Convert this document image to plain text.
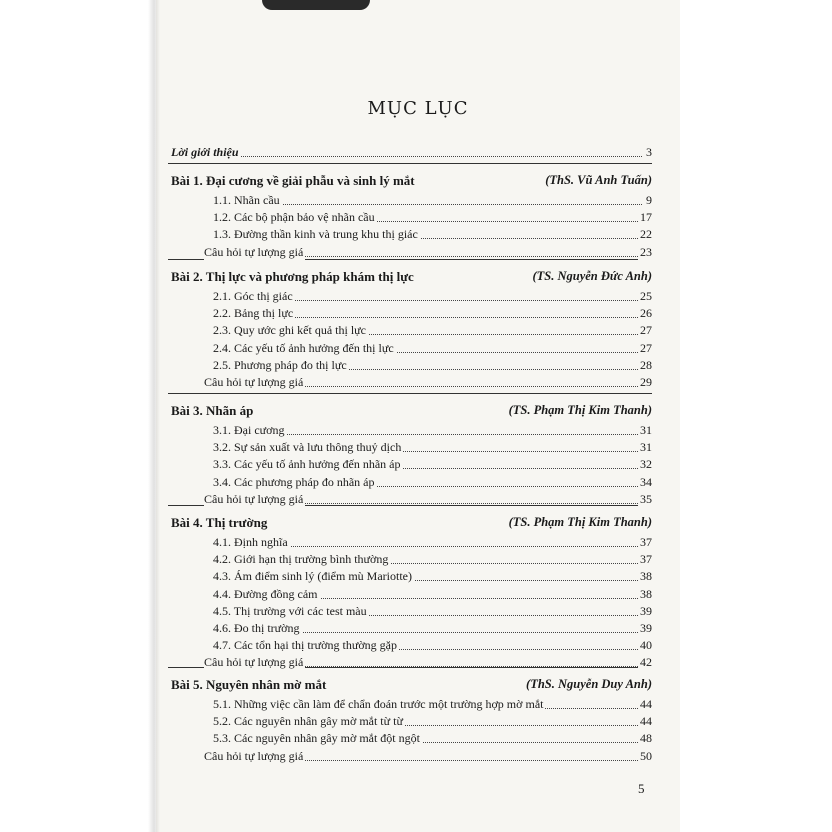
MỤC LỤC
Lời giới thiệu	3
Bài 1. Đại cương về giải phẫu và sinh lý mắt	(ThS. Vũ Anh Tuấn)
1.1. Nhãn cầu	9
1.2. Các bộ phận bảo vệ nhãn cầu	17
1.3. Đường thần kinh và trung khu thị giác	22
Câu hỏi tự lượng giá	23
Bài 2. Thị lực và phương pháp khám thị lực	(TS. Nguyễn Đức Anh)
2.1. Góc thị giác	25
2.2. Bảng thị lực	26
2.3. Quy ước ghi kết quả thị lực	27
2.4. Các yếu tố ảnh hưởng đến thị lực	27
2.5. Phương pháp đo thị lực	28
Câu hỏi tự lượng giá	29
Bài 3. Nhãn áp	(TS. Phạm Thị Kim Thanh)
3.1. Đại cương	31
3.2. Sự sản xuất và lưu thông thuỷ dịch	31
3.3. Các yếu tố ảnh hưởng đến nhãn áp	32
3.4. Các phương pháp đo nhãn áp	34
Câu hỏi tự lượng giá	35
Bài 4. Thị trường	(TS. Phạm Thị Kim Thanh)
4.1. Định nghĩa	37
4.2. Giới hạn thị trường bình thường	37
4.3. Ám điểm sinh lý (điểm mù Mariotte)	38
4.4. Đường đồng cảm	38
4.5. Thị trường với các test màu	39
4.6. Đo thị trường	39
4.7. Các tổn hại thị trường thường gặp	40
Câu hỏi tự lượng giá	42
Bài 5. Nguyên nhân mờ mắt	(ThS. Nguyễn Duy Anh)
5.1. Những việc cần làm để chẩn đoán trước một trường hợp mờ mắt	44
5.2. Các nguyên nhân gây mờ mắt từ từ	44
5.3. Các nguyên nhân gây mờ mắt đột ngột	48
Câu hỏi tự lượng giá	50
5
